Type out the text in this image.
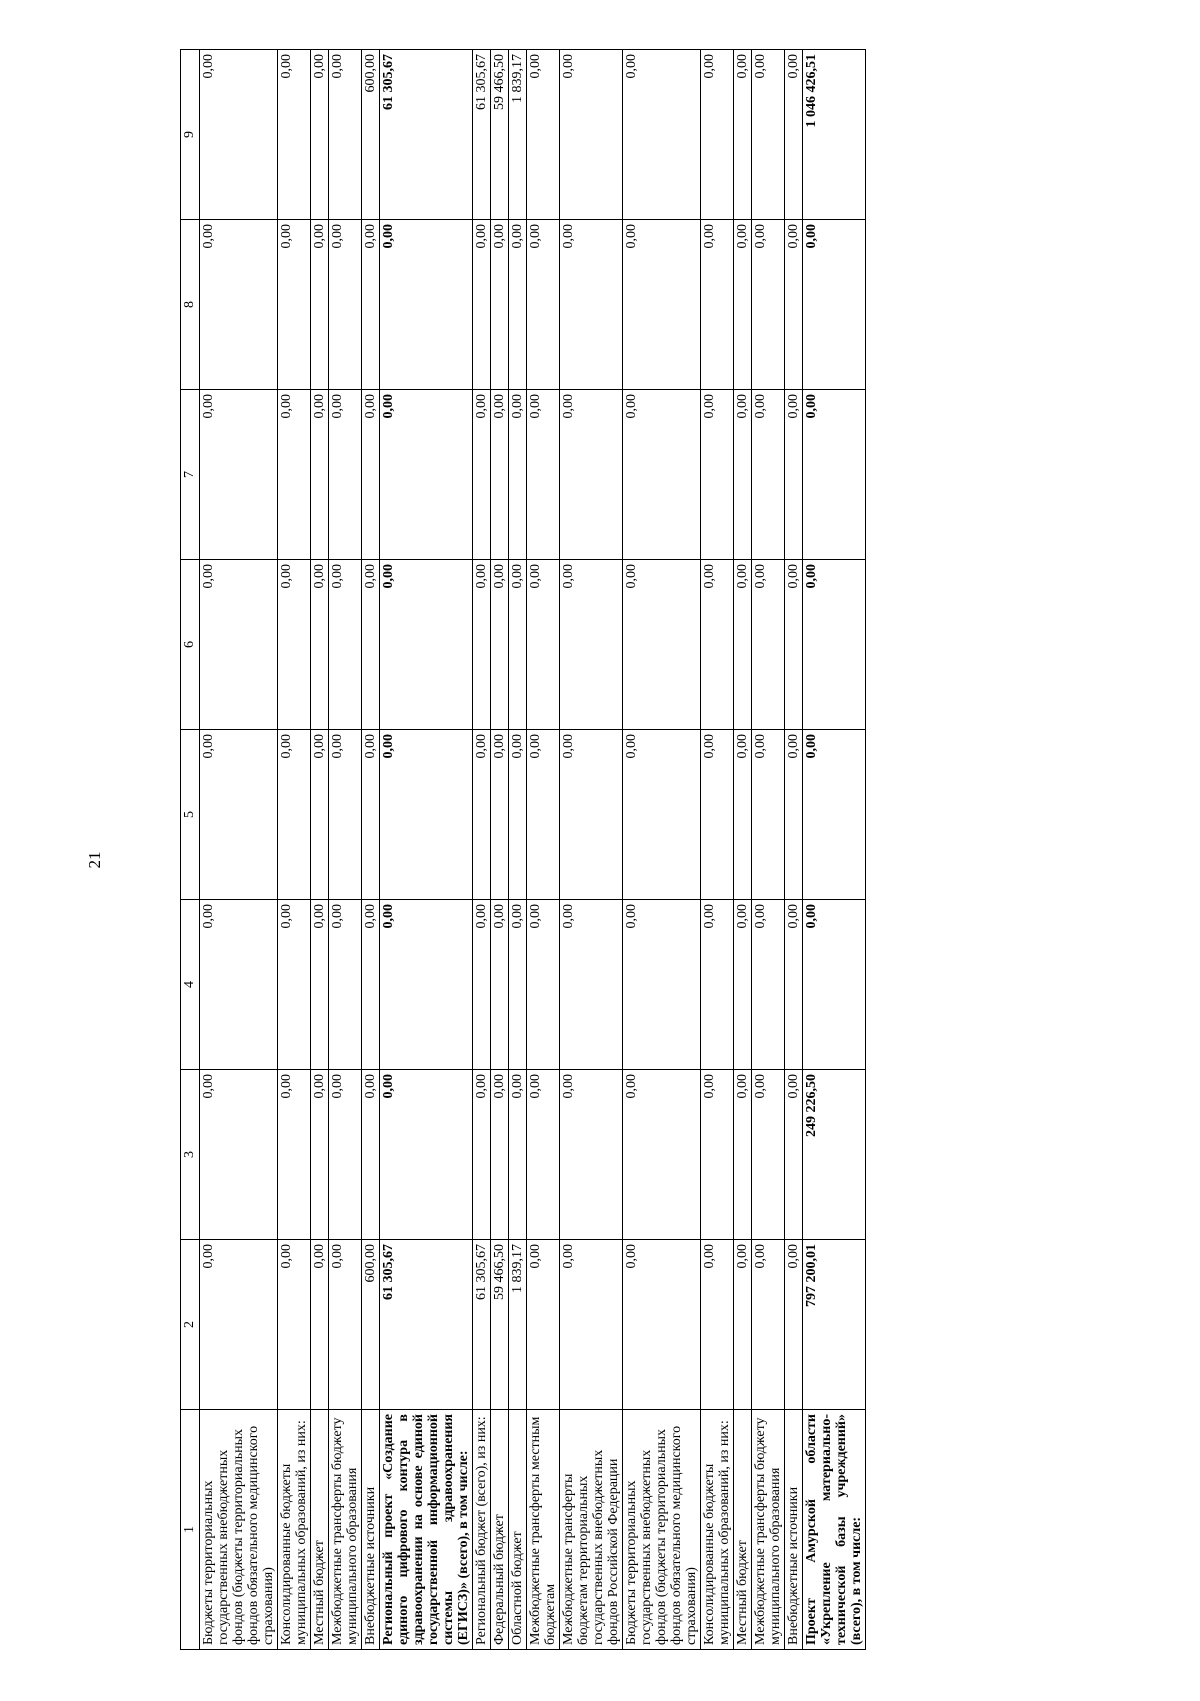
21
1	2	3	4	5	6	7	8	9
Бюджеты территориальных государственных внебюджетных фондов (бюджеты территориальных фондов обязательного медицинского страхования)	0,00	0,00	0,00	0,00	0,00	0,00	0,00	0,00
Консолидированные бюджеты муниципальных образований, из них:	0,00	0,00	0,00	0,00	0,00	0,00	0,00	0,00
Местный бюджет	0,00	0,00	0,00	0,00	0,00	0,00	0,00	0,00
Межбюджетные трансферты бюджету муниципального образования	0,00	0,00	0,00	0,00	0,00	0,00	0,00	0,00
Внебюджетные источники	600,00	0,00	0,00	0,00	0,00	0,00	0,00	600,00
Региональный проект «Создание единого цифрового контура в здравоохранении на основе единой государственной информационной системы здравоохранения (ЕГИСЗ)» (всего), в том числе:	61 305,67	0,00	0,00	0,00	0,00	0,00	0,00	61 305,67
Региональный бюджет (всего), из них:	61 305,67	0,00	0,00	0,00	0,00	0,00	0,00	61 305,67
Федеральный бюджет	59 466,50	0,00	0,00	0,00	0,00	0,00	0,00	59 466,50
Областной бюджет	1 839,17	0,00	0,00	0,00	0,00	0,00	0,00	1 839,17
Межбюджетные трансферты местным бюджетам	0,00	0,00	0,00	0,00	0,00	0,00	0,00	0,00
Межбюджетные трансферты бюджетам территориальных государственных внебюджетных фондов Российской Федерации	0,00	0,00	0,00	0,00	0,00	0,00	0,00	0,00
Бюджеты территориальных государственных внебюджетных фондов (бюджеты территориальных фондов обязательного медицинского страхования)	0,00	0,00	0,00	0,00	0,00	0,00	0,00	0,00
Консолидированные бюджеты муниципальных образований, из них:	0,00	0,00	0,00	0,00	0,00	0,00	0,00	0,00
Местный бюджет	0,00	0,00	0,00	0,00	0,00	0,00	0,00	0,00
Межбюджетные трансферты бюджету муниципального образования	0,00	0,00	0,00	0,00	0,00	0,00	0,00	0,00
Внебюджетные источники	0,00	0,00	0,00	0,00	0,00	0,00	0,00	0,00
Проект Амурской области «Укрепление материально-технической базы учреждений» (всего), в том числе:	797 200,01	249 226,50	0,00	0,00	0,00	0,00	0,00	1 046 426,51
